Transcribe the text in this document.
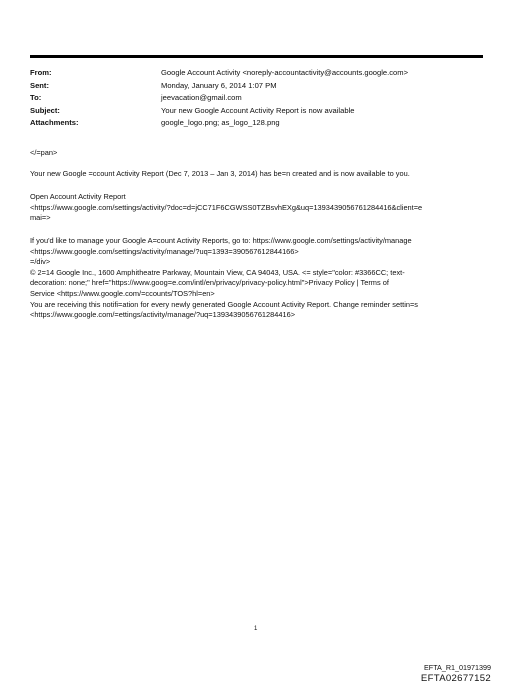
From:	Google Account Activity <noreply-accountactivity@accounts.google.com>
Sent:	Monday, January 6, 2014 1:07 PM
To:	jeevacation@gmail.com
Subject:	Your new Google Account Activity Report is now available
Attachments:	google_logo.png; as_logo_128.png

</=pan>

Your new Google =ccount Activity Report (Dec 7, 2013 – Jan 3, 2014) has be=n created and is now available to you.

Open Account Activity Report

<https://www.google.com/settings/activity/?doc=d=jCC71F6CGWSS0TZBsvhEXg&uq=1393439056761284416&client=e

mai=>

If you'd like to manage your Google A=count Activity Reports, go to: https://www.google.com/settings/activity/manage

<https://www.google.com/settings/activity/manage/?uq=1393=390567612844166>

=/div>

© 2=14 Google Inc., 1600 Amphitheatre Parkway, Mountain View, CA 94043, USA. <= style="color: #3366CC; text-

decoration: none;" href="https://www.goog=e.com/intl/en/privacy/privacy-policy.html">Privacy Policy | Terms of

Service <https://www.google.com/=ccounts/TOS?hl=en>

You are receiving this notifi=ation for every newly generated Google Account Activity Report. Change reminder settin=s

<https://www.google.com/=ettings/activity/manage/?uq=1393439056761284416>

1
EFTA_R1_01971399
EFTA02677152
